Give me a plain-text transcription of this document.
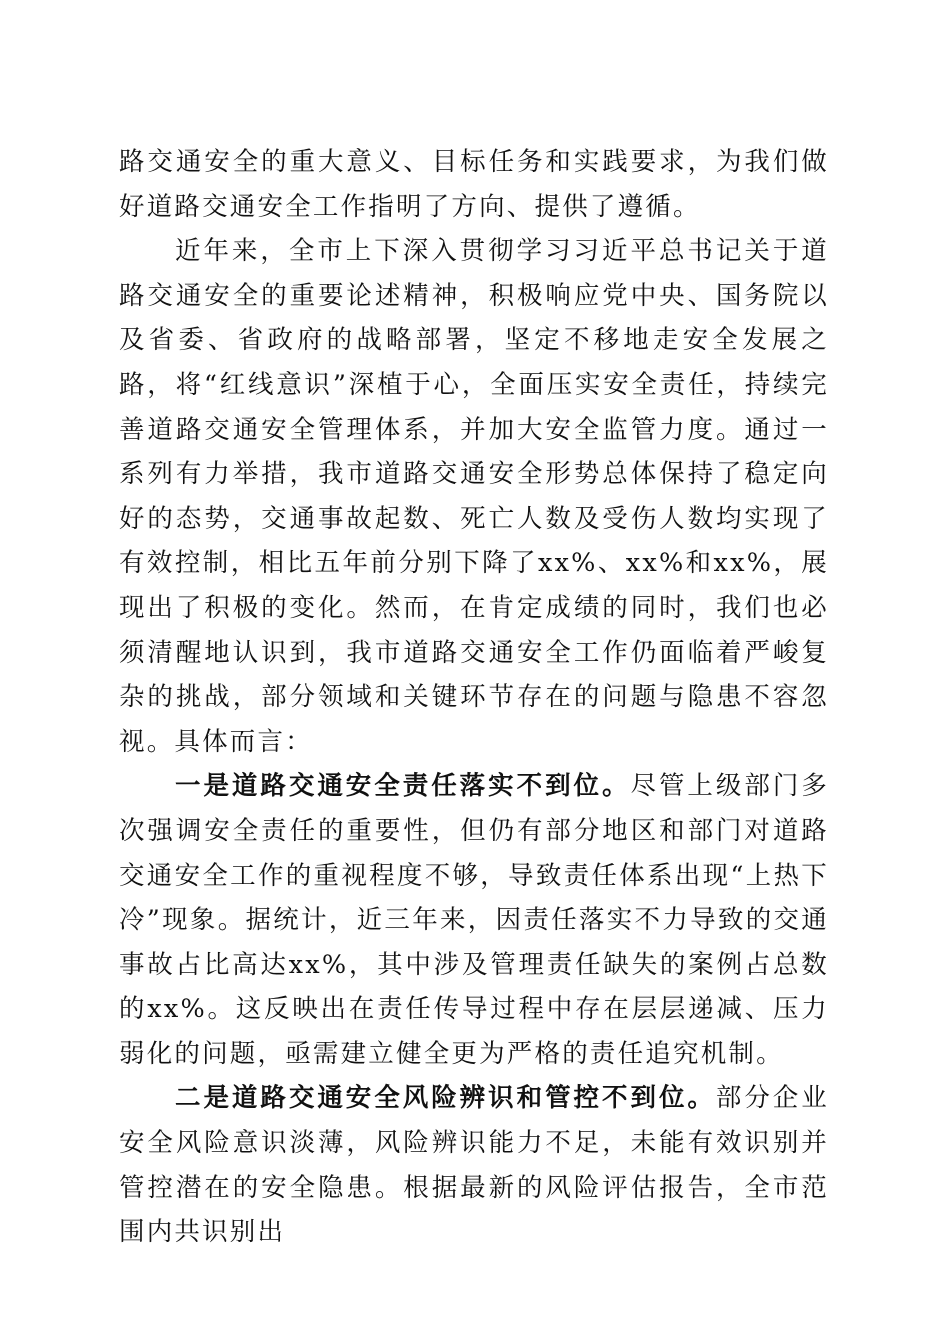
路交通安全的重大意义、目标任务和实践要求，为我们做好道路交通安全工作指明了方向、提供了遵循。

近年来，全市上下深入贯彻学习习近平总书记关于道路交通安全的重要论述精神，积极响应党中央、国务院以及省委、省政府的战略部署，坚定不移地走安全发展之路，将“红线意识”深植于心，全面压实安全责任，持续完善道路交通安全管理体系，并加大安全监管力度。通过一系列有力举措，我市道路交通安全形势总体保持了稳定向好的态势，交通事故起数、死亡人数及受伤人数均实现了有效控制，相比五年前分别下降了xx%、xx%和xx%，展现出了积极的变化。然而，在肯定成绩的同时，我们也必须清醒地认识到，我市道路交通安全工作仍面临着严峻复杂的挑战，部分领域和关键环节存在的问题与隐患不容忽视。具体而言：

一是道路交通安全责任落实不到位。尽管上级部门多次强调安全责任的重要性，但仍有部分地区和部门对道路交通安全工作的重视程度不够，导致责任体系出现“上热下冷”现象。据统计，近三年来，因责任落实不力导致的交通事故占比高达xx%，其中涉及管理责任缺失的案例占总数的xx%。这反映出在责任传导过程中存在层层递减、压力弱化的问题，亟需建立健全更为严格的责任追究机制。

二是道路交通安全风险辨识和管控不到位。部分企业安全风险意识淡薄，风险辨识能力不足，未能有效识别并管控潜在的安全隐患。根据最新的风险评估报告，全市范围内共识别出
